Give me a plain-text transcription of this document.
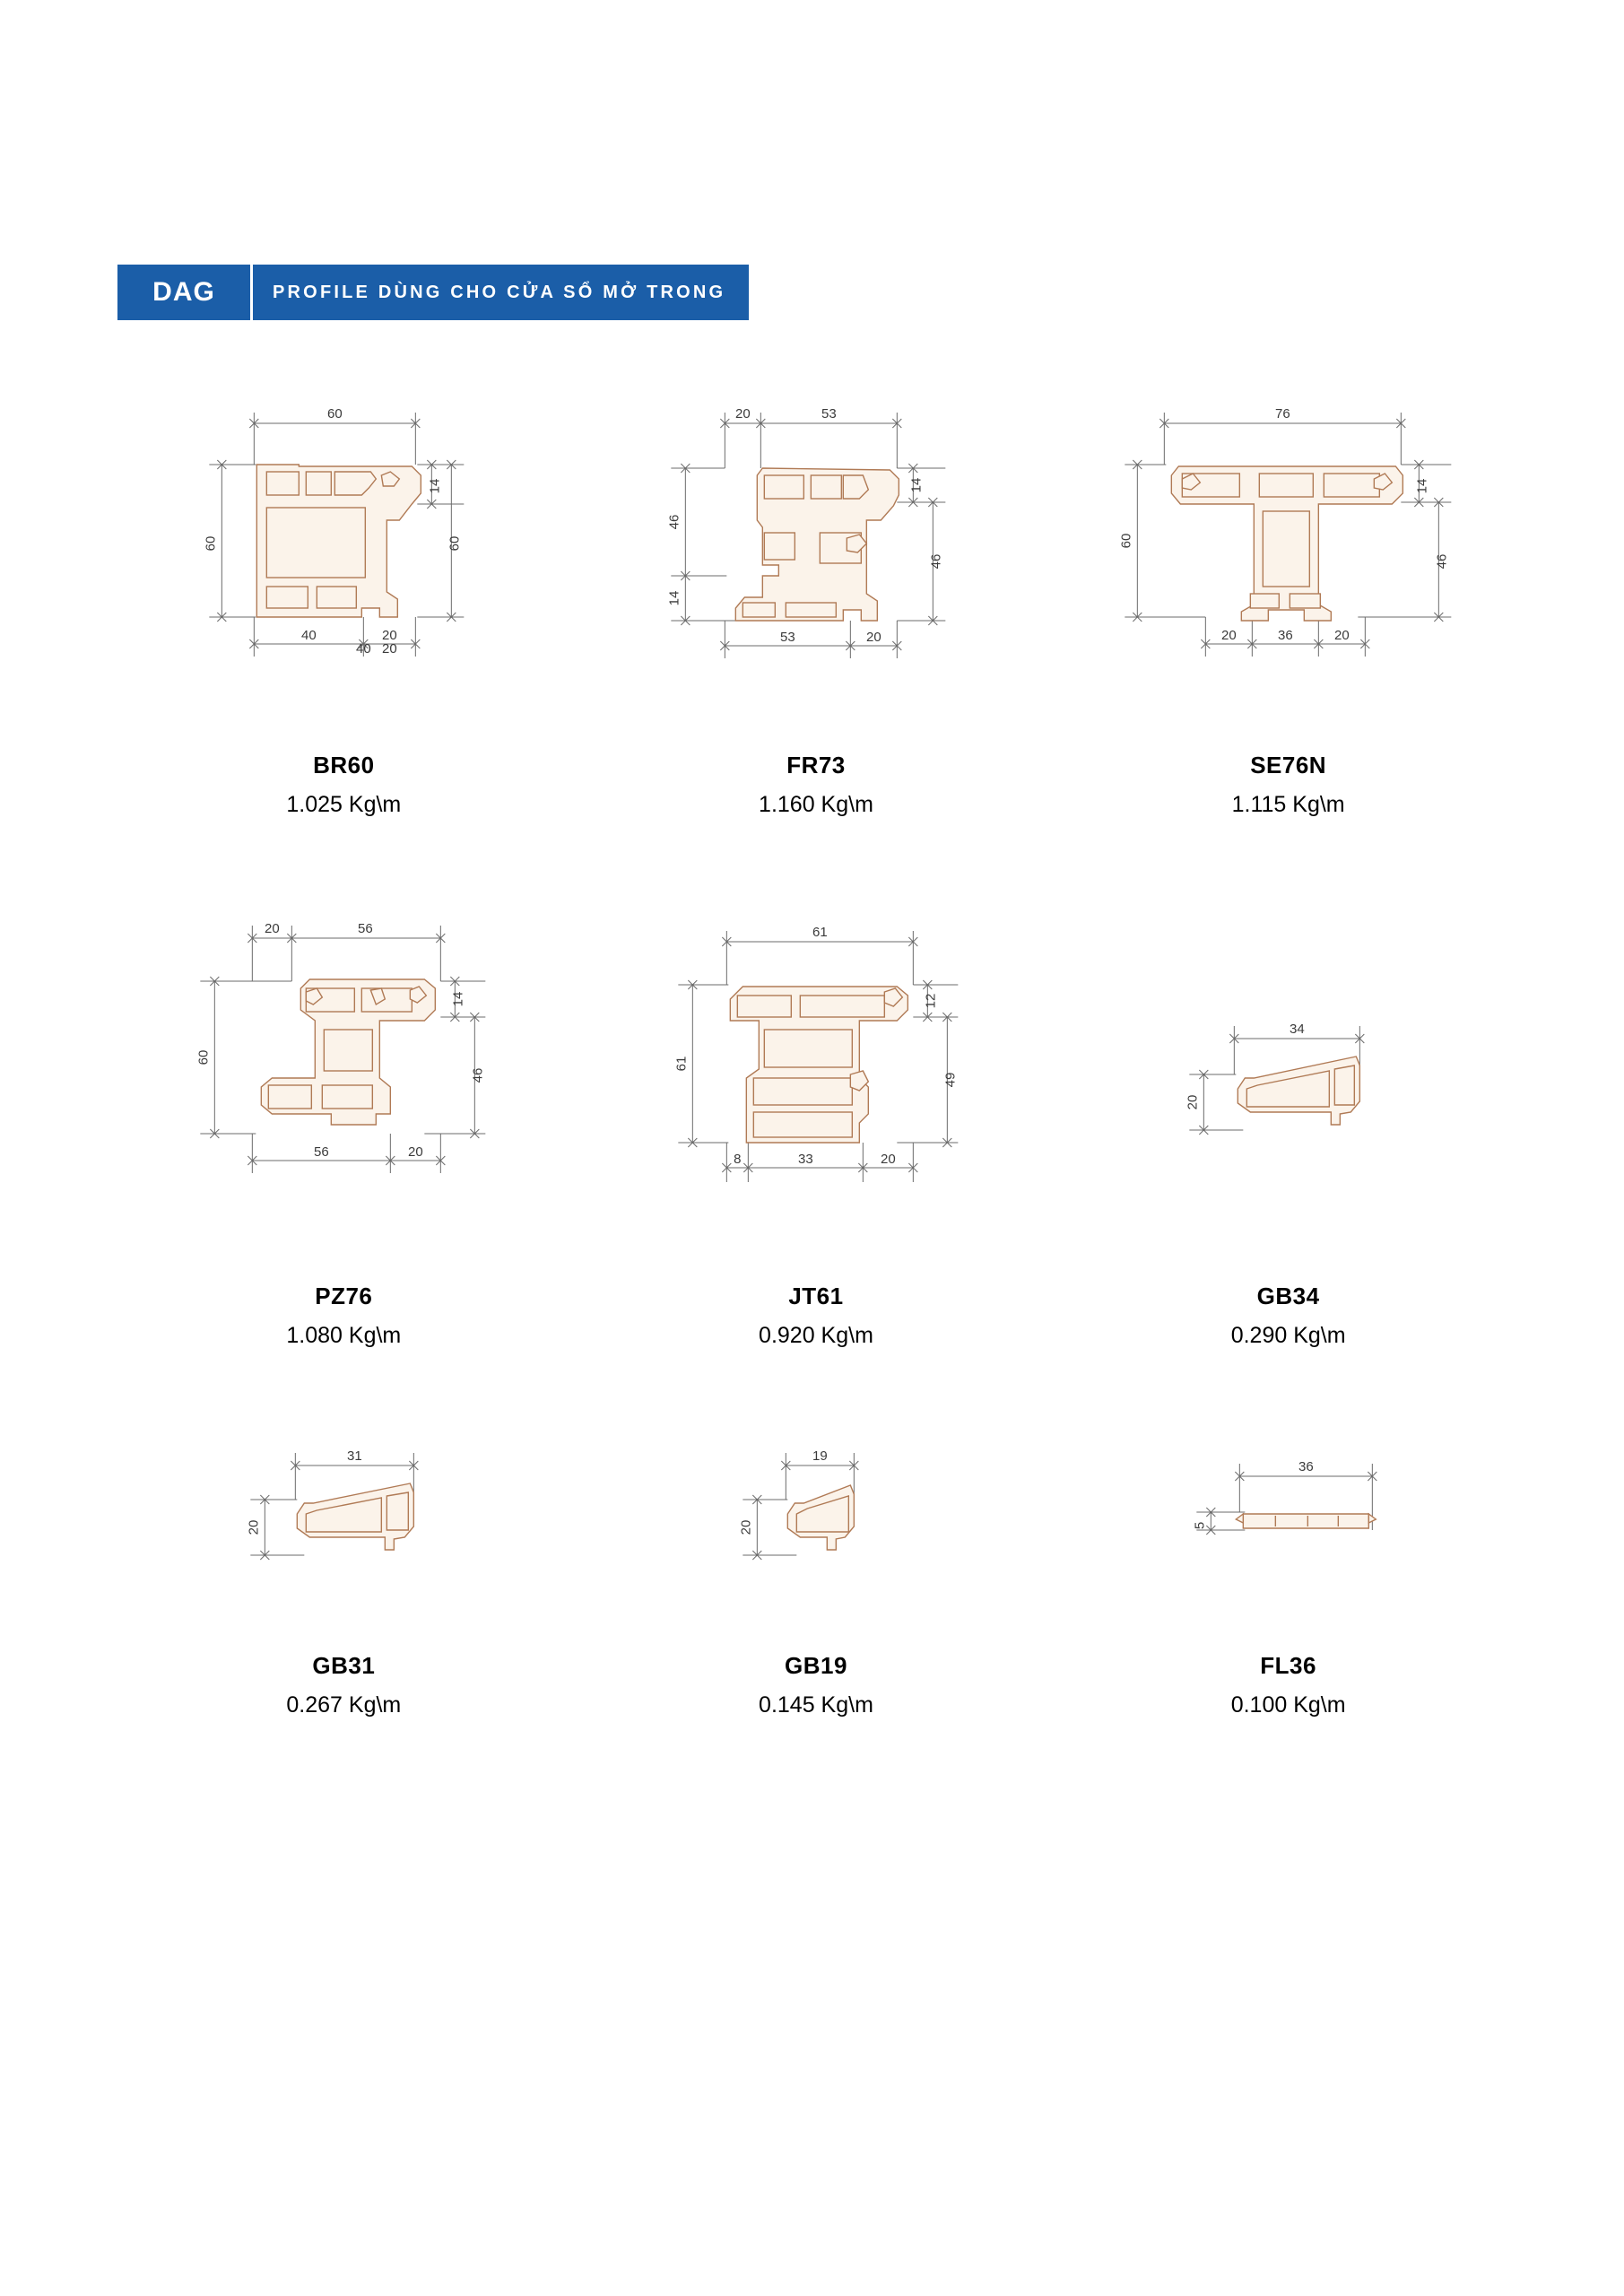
DAG	PROFILE DÙNG CHO CỬA SỔ MỞ TRONG
60
40 20
60
14
60
40	20
BR60
1.025 Kg\m
20	53
53	20
46
14
14
46
FR73
1.160 Kg\m
76
20	36	20
60
14
46
SE76N
1.115 Kg\m
20	56
56	20
60
14
46
PZ76
1.080 Kg\m
61
8	33	20
61
12
49
JT61
0.920 Kg\m
34
20
GB34
0.290 Kg\m
31
20
GB31
0.267 Kg\m
19
20
GB19
0.145 Kg\m
36
5
FL36
0.100 Kg\m
